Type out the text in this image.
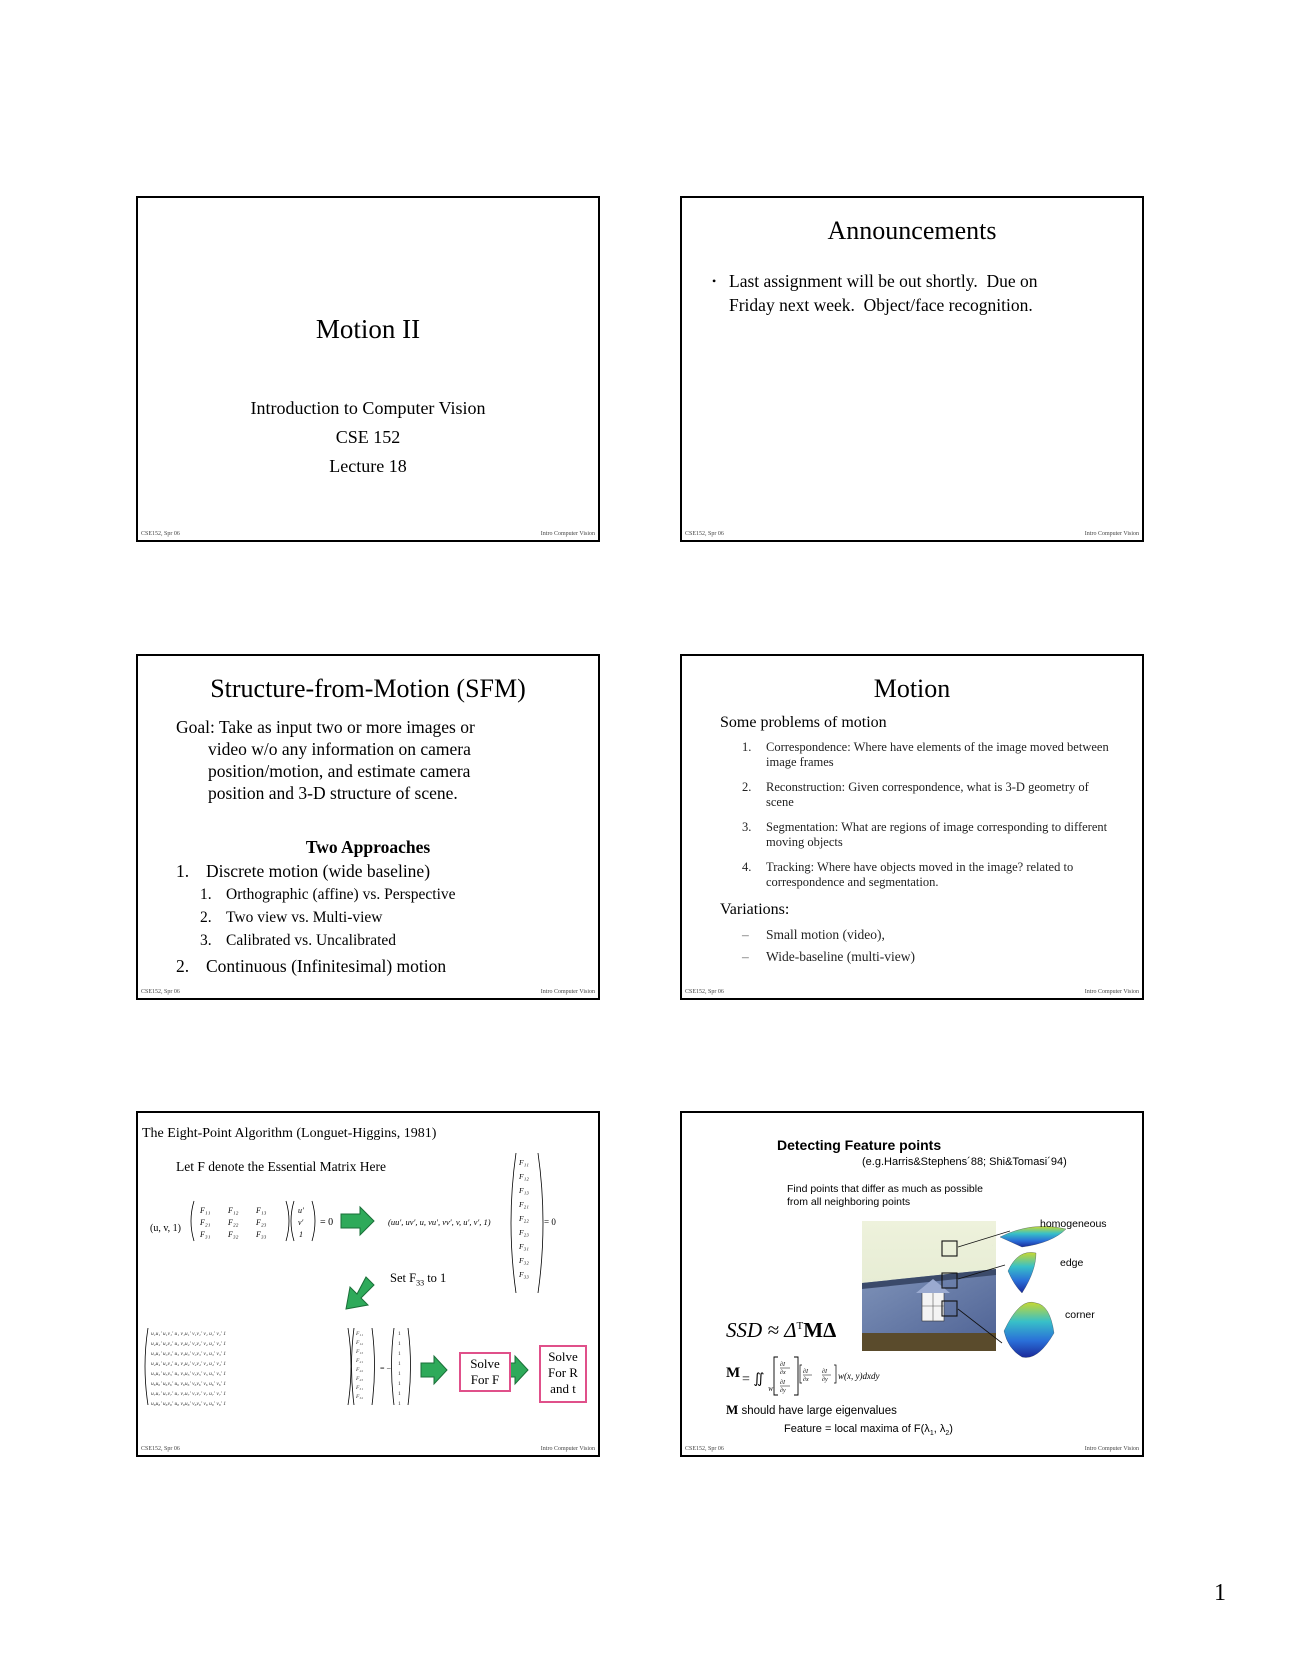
Motion II
Introduction to Computer Vision
CSE 152
Lecture 18
CSE152, Spr 06	Intro Computer Vision
Announcements
• Last assignment will be out shortly.  Due on
Friday next week.  Object/face recognition.
CSE152, Spr 06	Intro Computer Vision
Structure-from-Motion (SFM)
Goal: Take as input two or more images or
video w/o any information on camera
position/motion, and estimate camera
position and 3-D structure of scene.
Two Approaches
1. Discrete motion (wide baseline)
1. Orthographic (affine) vs. Perspective
2. Two view vs. Multi-view
3. Calibrated vs. Uncalibrated
2. Continuous (Infinitesimal) motion
CSE152, Spr 06	Intro Computer Vision
Motion
Some problems of motion
1. Correspondence: Where have elements of the image moved between image frames
2. Reconstruction: Given correspondence, what is 3-D geometry of scene
3. Segmentation: What are regions of image corresponding to different moving objects
4. Tracking: Where have objects moved in the image? related to correspondence and segmentation.
Variations:
– Small motion (video),
– Wide-baseline (multi-view)
CSE152, Spr 06	Intro Computer Vision
The Eight-Point Algorithm (Longuet-Higgins, 1981)
Let F denote the Essential Matrix Here
(u, v, 1)
F₁₁ F₁₂ F₁₃
F₂₁ F₂₂ F₂₃
F₃₁ F₃₂ F₃₃
u′
v′
1
= 0	(uu′, uv′, u, vu′, vv′, v, u′, v′, 1)
F₁₁
F₁₂
F₁₃
F₂₁
F₂₂
F₂₃
F₃₁
F₃₂
F₃₃
= 0
u₁u₁′ u₁v₁′ u₁ v₁u₁′ v₁v₁′ v₁ u₁′ v₁′ 1
u₂u₂′ u₂v₂′ u₂ v₂u₂′ v₂v₂′ v₂ u₂′ v₂′ 1
u₃u₃′ u₃v₃′ u₃ v₃u₃′ v₃v₃′ v₃ u₃′ v₃′ 1
u₄u₄′ u₄v₄′ u₄ v₄u₄′ v₄v₄′ v₄ u₄′ v₄′ 1
u₅u₅′ u₅v₅′ u₅ v₅u₅′ v₅v₅′ v₅ u₅′ v₅′ 1
u₆u₆′ u₆v₆′ u₆ v₆u₆′ v₆v₆′ v₆ u₆′ v₆′ 1
u₇u₇′ u₇v₇′ u₇ v₇u₇′ v₇v₇′ v₇ u₇′ v₇′ 1
u₈u₈′ u₈v₈′ u₈ v₈u₈′ v₈v₈′ v₈ u₈′ v₈′ 1
F₁₁
F₁₂
F₁₃
F₂₁
F₂₂
F₂₃
F₃₁
F₃₂
= −
1
1
1
1
1
1
1
1
Set $F_{33}$ to 1
Solve
For F
Solve
For R
and t
CSE152, Spr 06	Intro Computer Vision
Detecting Feature points
(e.g.Harris&Stephens´88; Shi&Tomasi´94)
Find points that differ as much as possible
from all neighboring points
homogeneous
edge
corner
SSD ≈ $\Delta^TM\Delta$
M = ∬
W
∂I
∂x
∂I
∂y
∂I
∂x
∂I
∂y w(x, y)dxdy
M should have large eigenvalues
Feature = local maxima of $F(\lambda_1$, $\lambda_2$)
CSE152, Spr 06	Intro Computer Vision
1
